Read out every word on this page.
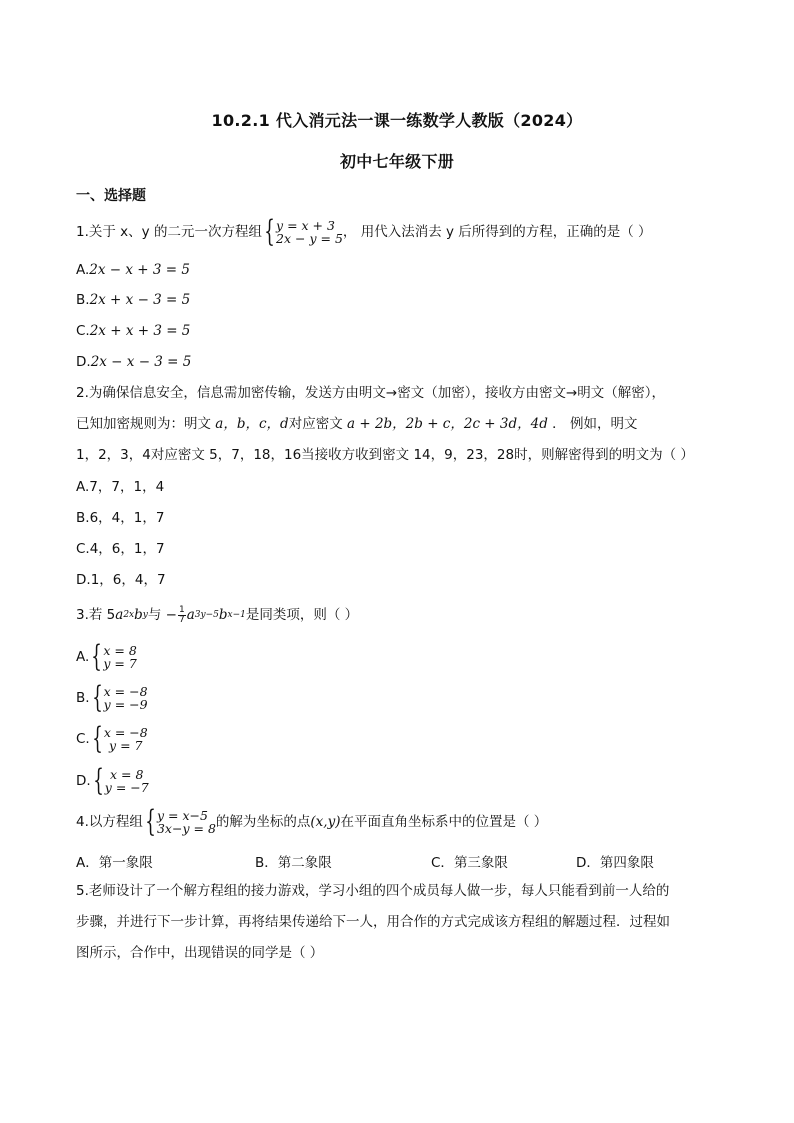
10.2.1 代入消元法一课一练数学人教版（2024）
初中七年级下册
一、选择题
1.关于 x、y 的二元一次方程组 { y = x + 3
2x − y = 5 ， 用代入法消去 y 后所得到的方程，正确的是（ ）
A.2x − x + 3 = 5
B.2x + x − 3 = 5
C.2x + x + 3 = 5
D.2x − x − 3 = 5
2.为确保信息安全，信息需加密传输，发送方由明文→密文（加密），接收方由密文→明文（解密），
已知加密规则为：明文 a，b，c，d对应密文 a + 2b，2b + c，2c + 3d，4d ． 例如，明文
1，2，3，4对应密文 5，7，18，16当接收方收到密文 14，9，23，28时，则解密得到的明文为（ ）
A.7，7，1，4
B.6，4，1，7
C.4，6，1，7
D.1，6，4，7
3.若 5 a 2x b y 与 − $\frac{1}{7}$ a 3y−5 b x−1 是同类项，则（ ）
A. { x = 8
y = 7
B. { x = −8
y = −9
C. { x = −8
y = 7
D. { x = 8
y = −7
4.以方程组 { y = x−5
3x−y = 8 的解为坐标的点 (x,y) 在平面直角坐标系中的位置是（ ）
A．第一象限	B．第二象限	C．第三象限	D．第四象限
5.老师设计了一个解方程组的接力游戏，学习小组的四个成员每人做一步，每人只能看到前一人给的
步骤，并进行下一步计算，再将结果传递给下一人，用合作的方式完成该方程组的解题过程．过程如
图所示，合作中，出现错误的同学是（ ）
